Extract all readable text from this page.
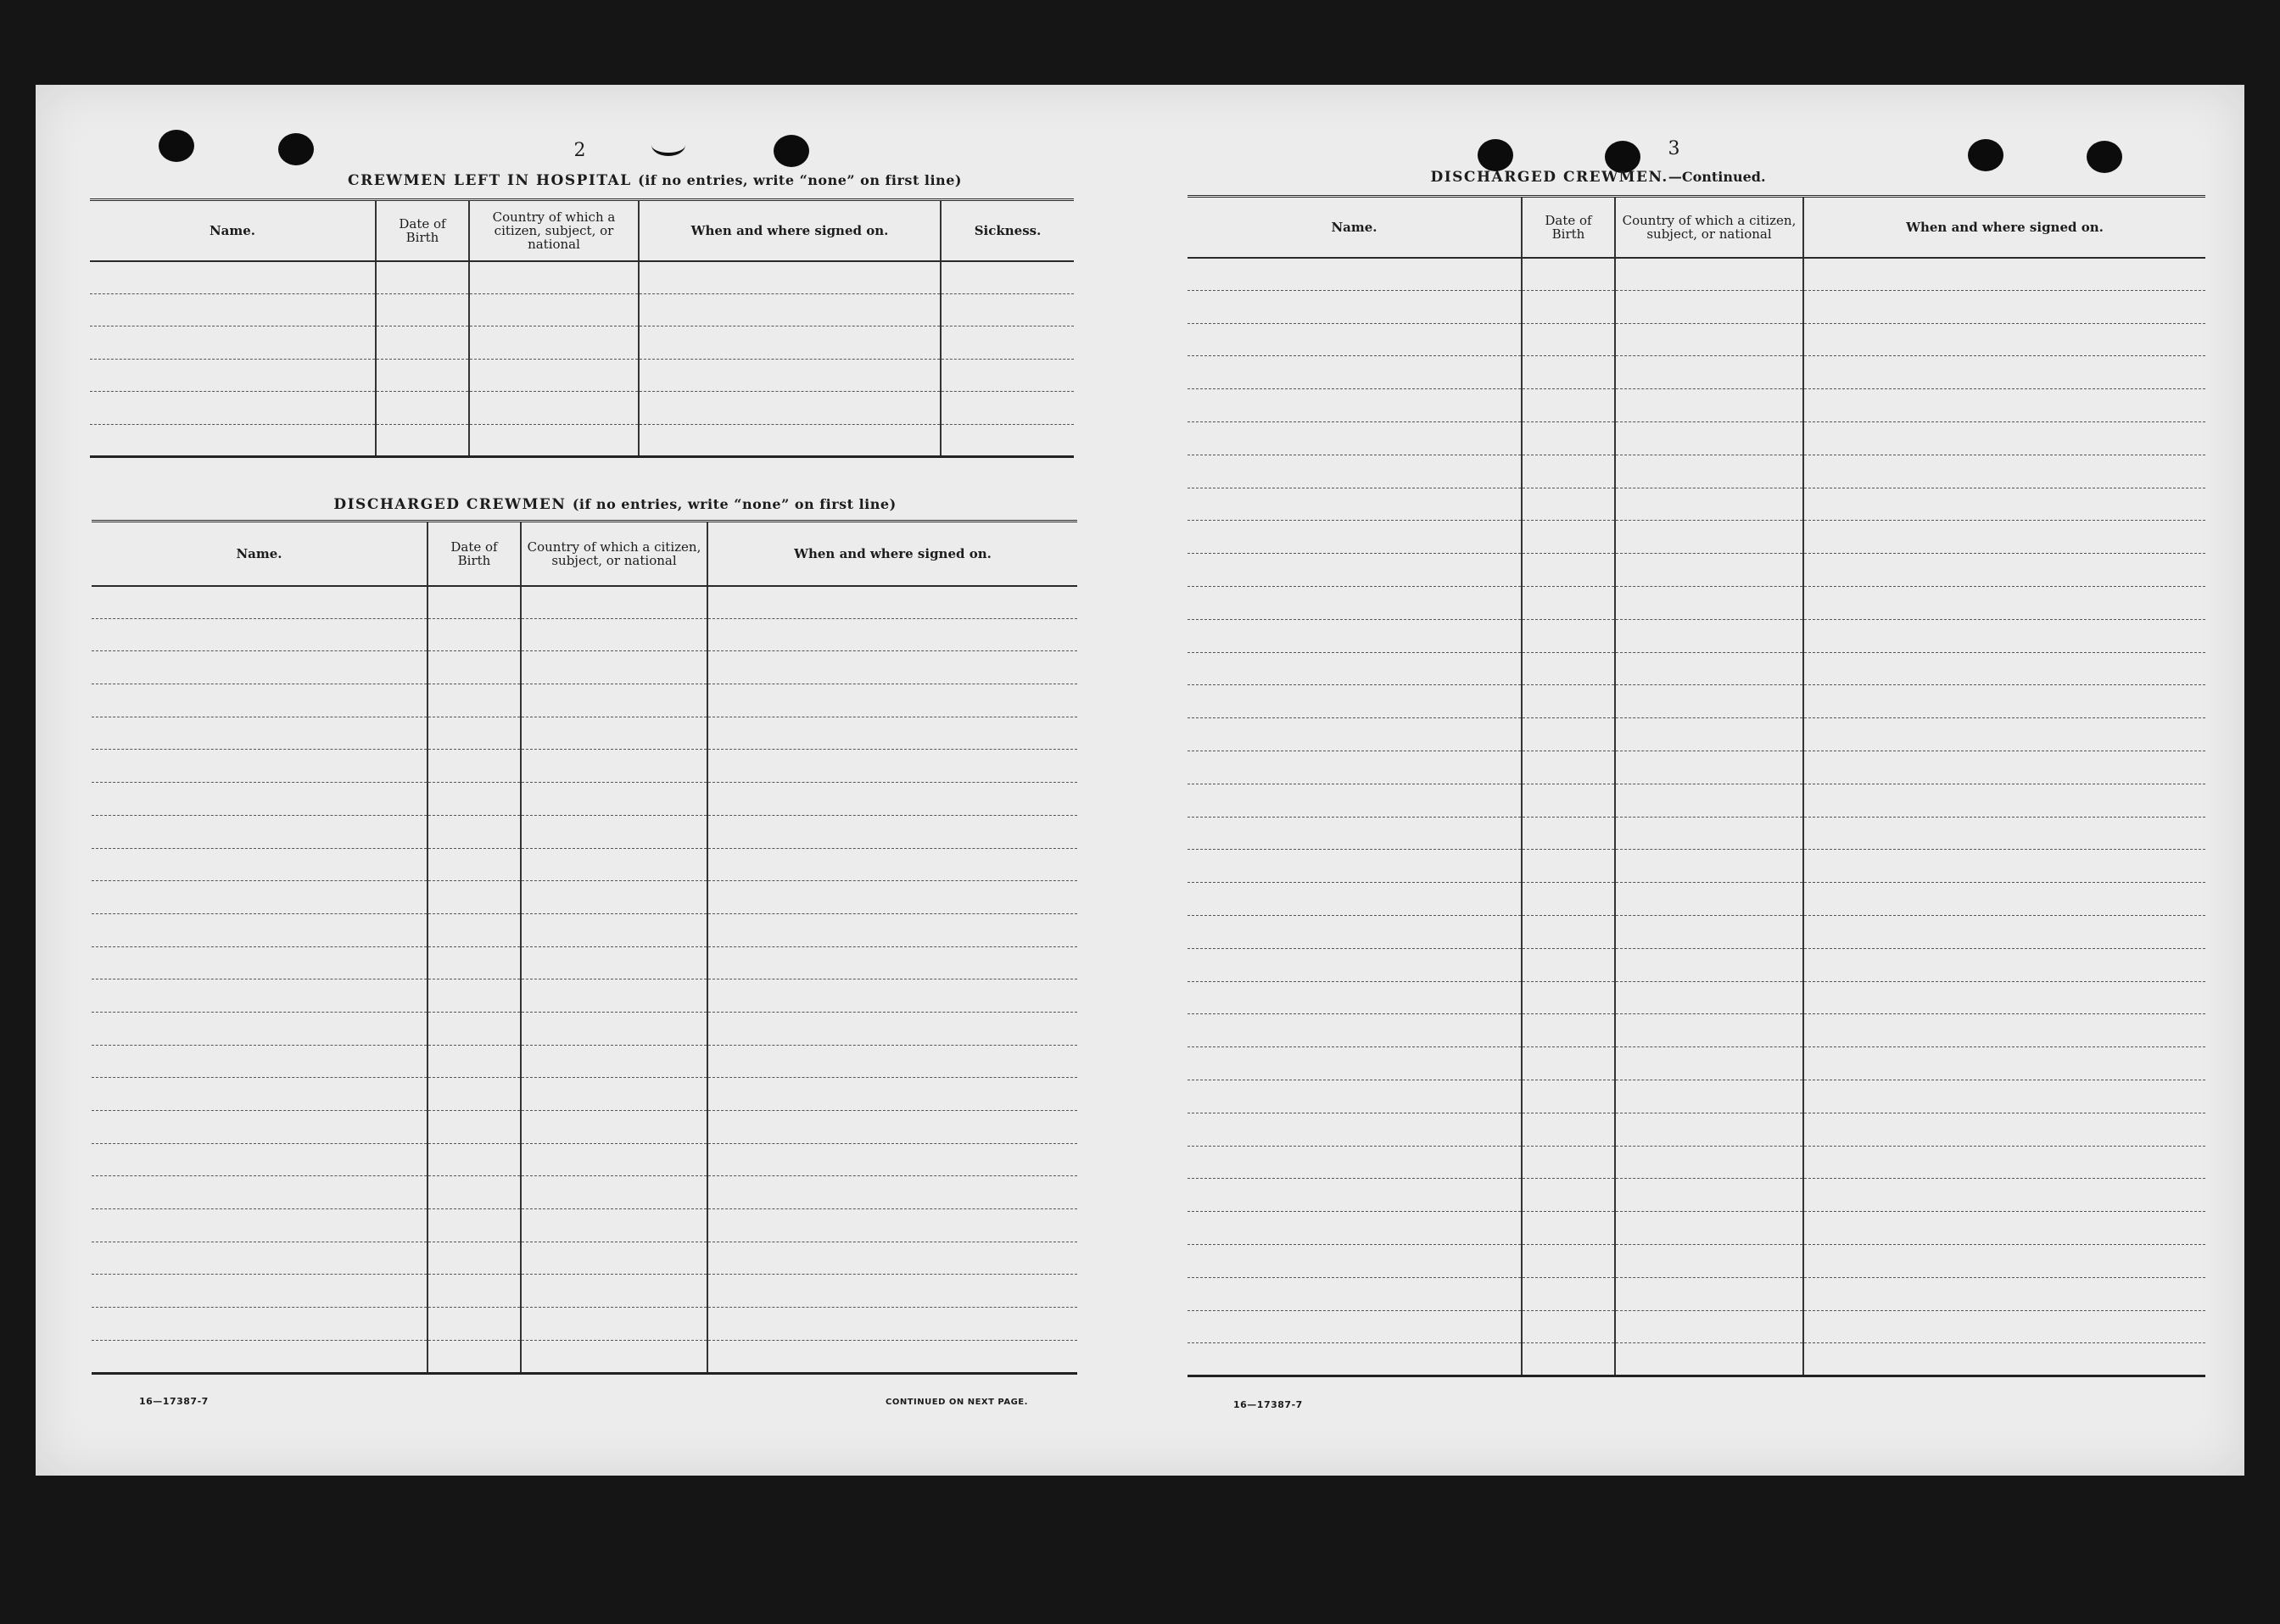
2
CREWMEN LEFT IN HOSPITAL (if no entries, write “none” on first line)
Name.	Date of Birth	Country of which a citizen, subject, or national	When and where signed on.	Sickness.

DISCHARGED CREWMEN (if no entries, write “none” on first line)
Name.	Date of Birth	Country of which a citizen, subject, or national	When and where signed on.

16—17387-7	CONTINUED ON NEXT PAGE.
3
DISCHARGED CREWMEN.—Continued.
Name.	Date of Birth	Country of which a citizen, subject, or national	When and where signed on.

16—17387-7
